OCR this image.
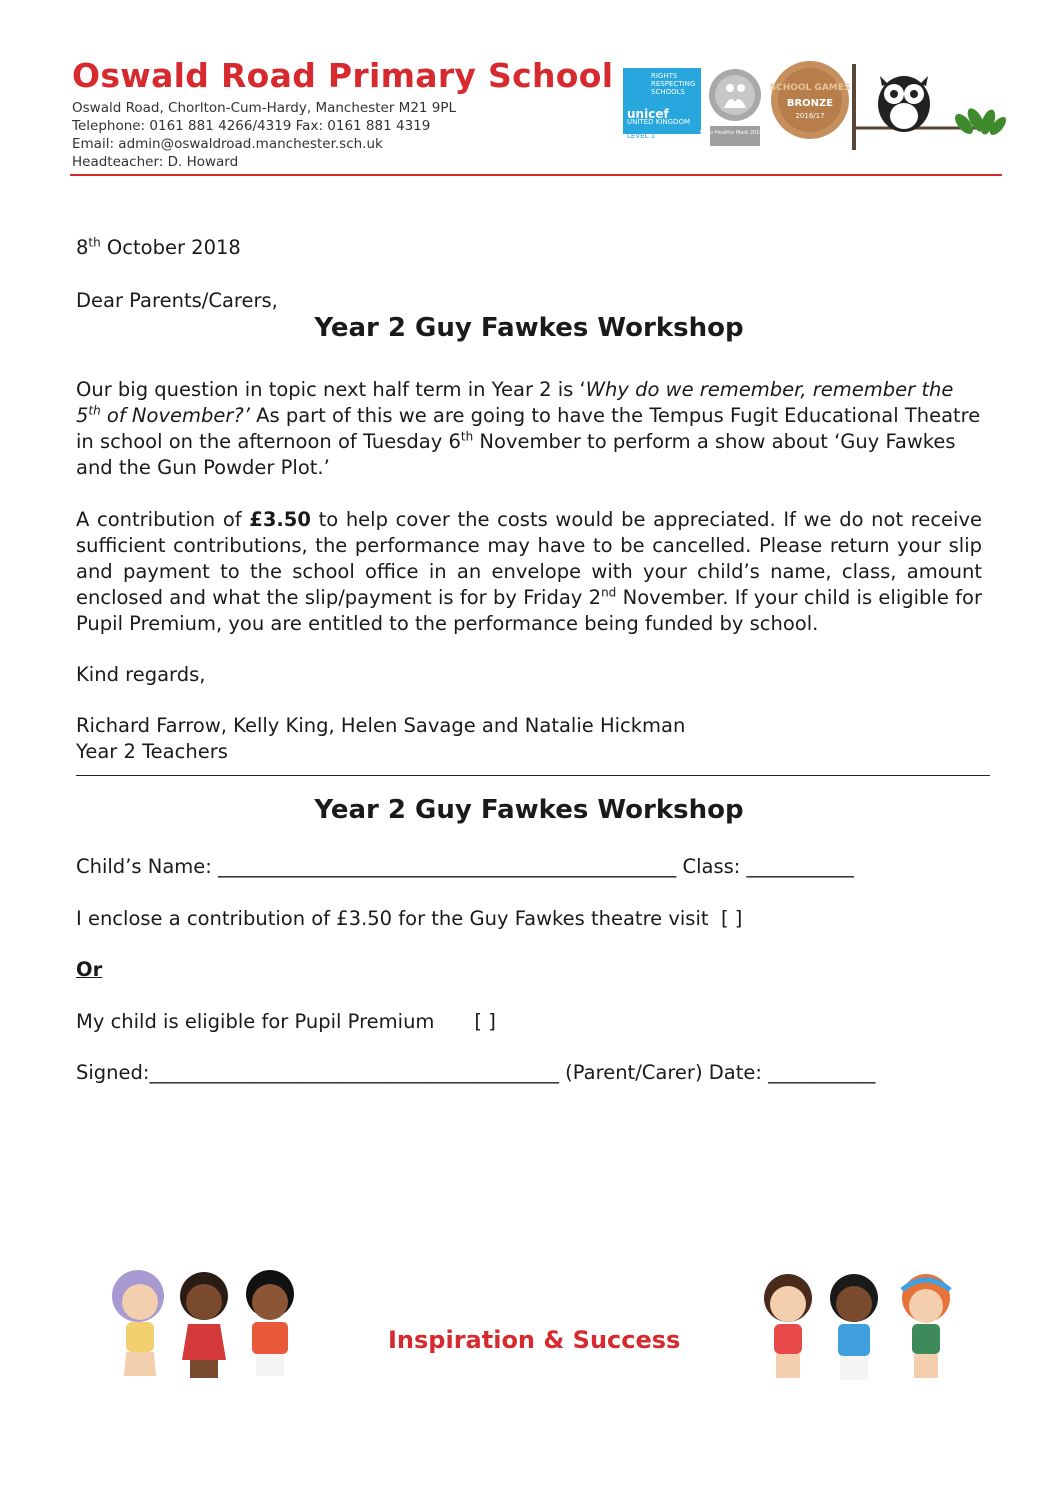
Oswald Road Primary School
Oswald Road, Chorlton-Cum-Hardy, Manchester M21 9PL
Telephone: 0161 881 4266/4319 Fax: 0161 881 4319
Email: admin@oswaldroad.manchester.sch.uk
Headteacher: D. Howard
RIGHTS RESPECTING SCHOOLS
unicef
UNITED KINGDOM
LEVEL 1	Silver Healthy Mark 2015/16
SCHOOL GAMES
BRONZE
2016/17
8th October 2018
Dear Parents/Carers,
Year 2 Guy Fawkes Workshop
Our big question in topic next half term in Year 2 is ‘Why do we remember, remember the 5th of November?’ As part of this we are going to have the Tempus Fugit Educational Theatre in school on the afternoon of Tuesday 6th November to perform a show about ‘Guy Fawkes and the Gun Powder Plot.’
A contribution of £3.50 to help cover the costs would be appreciated. If we do not receive sufficient contributions, the performance may have to be cancelled. Please return your slip and payment to the school office in an envelope with your child’s name, class, amount enclosed and what the slip/payment is for by Friday 2nd November. If your child is eligible for Pupil Premium, you are entitled to the performance being funded by school.
Kind regards,
Richard Farrow, Kelly King, Helen Savage and Natalie Hickman
Year 2 Teachers
Year 2 Guy Fawkes Workshop
Child’s Name: _______________________________________________ Class: ___________
I enclose a contribution of £3.50 for the Guy Fawkes theatre visit [ ]
Or
My child is eligible for Pupil Premium [ ]
Signed:__________________________________________ (Parent/Carer) Date: ___________
Inspiration & Success
